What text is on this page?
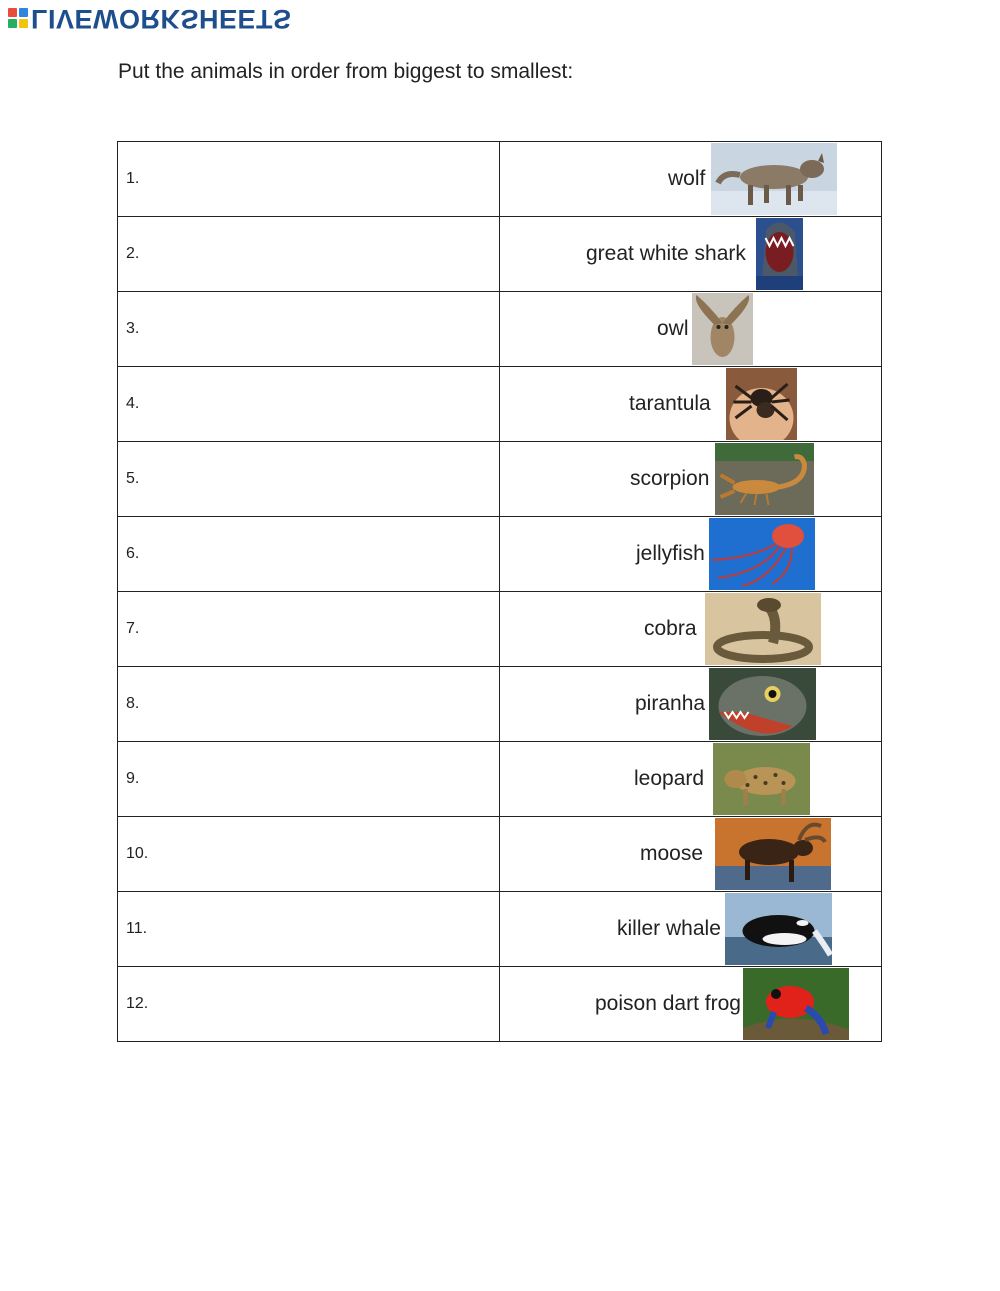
LIVEWORKSHEETS
Put the animals in order from biggest to smallest:
1.	wolf

2.	great white shark

3.	owl

4.	tarantula

5.	scorpion

6.	jellyfish

7.	cobra

8.	piranha

9.	leopard

10.	moose

11.	killer whale

12.	poison dart frog
